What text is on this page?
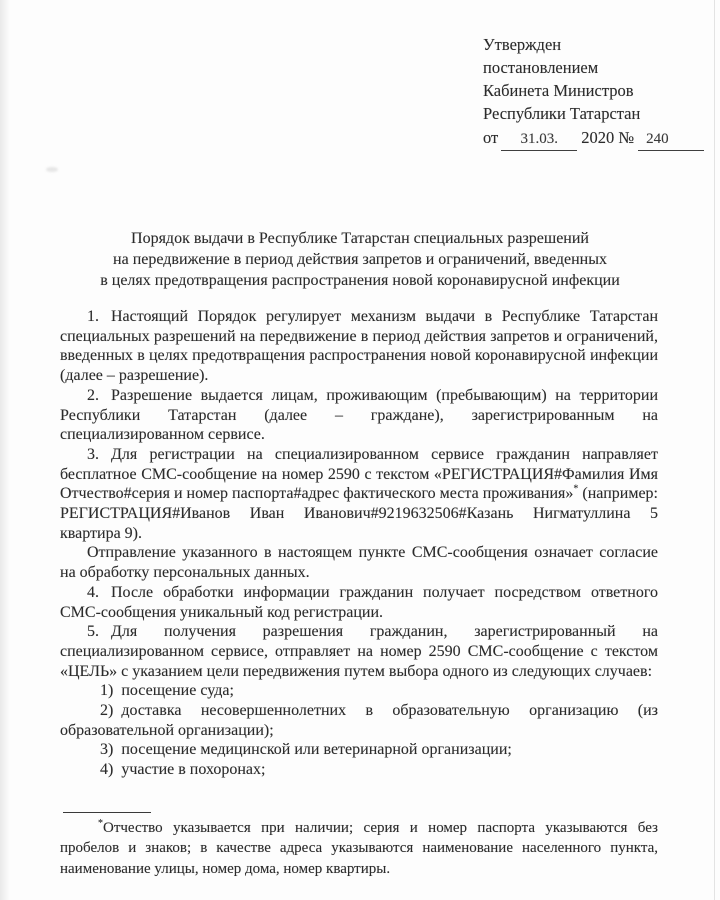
Утвержден
постановлением
Кабинета Министров
Республики Татарстан
от 31.03. 2020 № 240
Порядок выдачи в Республике Татарстан специальных разрешений
на передвижение в период действия запретов и ограничений, введенных
в целях предотвращения распространения новой коронавирусной инфекции

1. Настоящий Порядок регулирует механизм выдачи в Республике Татарстан специальных разрешений на передвижение в период действия запретов и ограничений, введенных в целях предотвращения распространения новой коронавирусной инфекции (далее – разрешение).

2. Разрешение выдается лицам, проживающим (пребывающим) на территории Республики Татарстан (далее – граждане), зарегистрированным на специализированном сервисе.

3. Для регистрации на специализированном сервисе гражданин направляет бесплатное СМС-сообщение на номер 2590 с текстом «РЕГИСТРАЦИЯ#Фамилия Имя Отчество#серия и номер паспорта#адрес фактического места проживания»* (например: РЕГИСТРАЦИЯ#Иванов Иван Иванович#9219632506#Казань Нигматуллина 5 квартира 9).

Отправление указанного в настоящем пункте СМС-сообщения означает согласие на обработку персональных данных.

4. После обработки информации гражданин получает посредством ответного СМС-сообщения уникальный код регистрации.

5. Для получения разрешения гражданин, зарегистрированный на специализированном сервисе, отправляет на номер 2590 СМС-сообщение с текстом «ЦЕЛЬ» с указанием цели передвижения путем выбора одного из следующих случаев:

1) посещение суда;

2) доставка несовершеннолетних в образовательную организацию (из образовательной организации);

3) посещение медицинской или ветеринарной организации;

4) участие в похоронах;

*Отчество указывается при наличии; серия и номер паспорта указываются без пробелов и знаков; в качестве адреса указываются наименование населенного пункта, наименование улицы, номер дома, номер квартиры.
